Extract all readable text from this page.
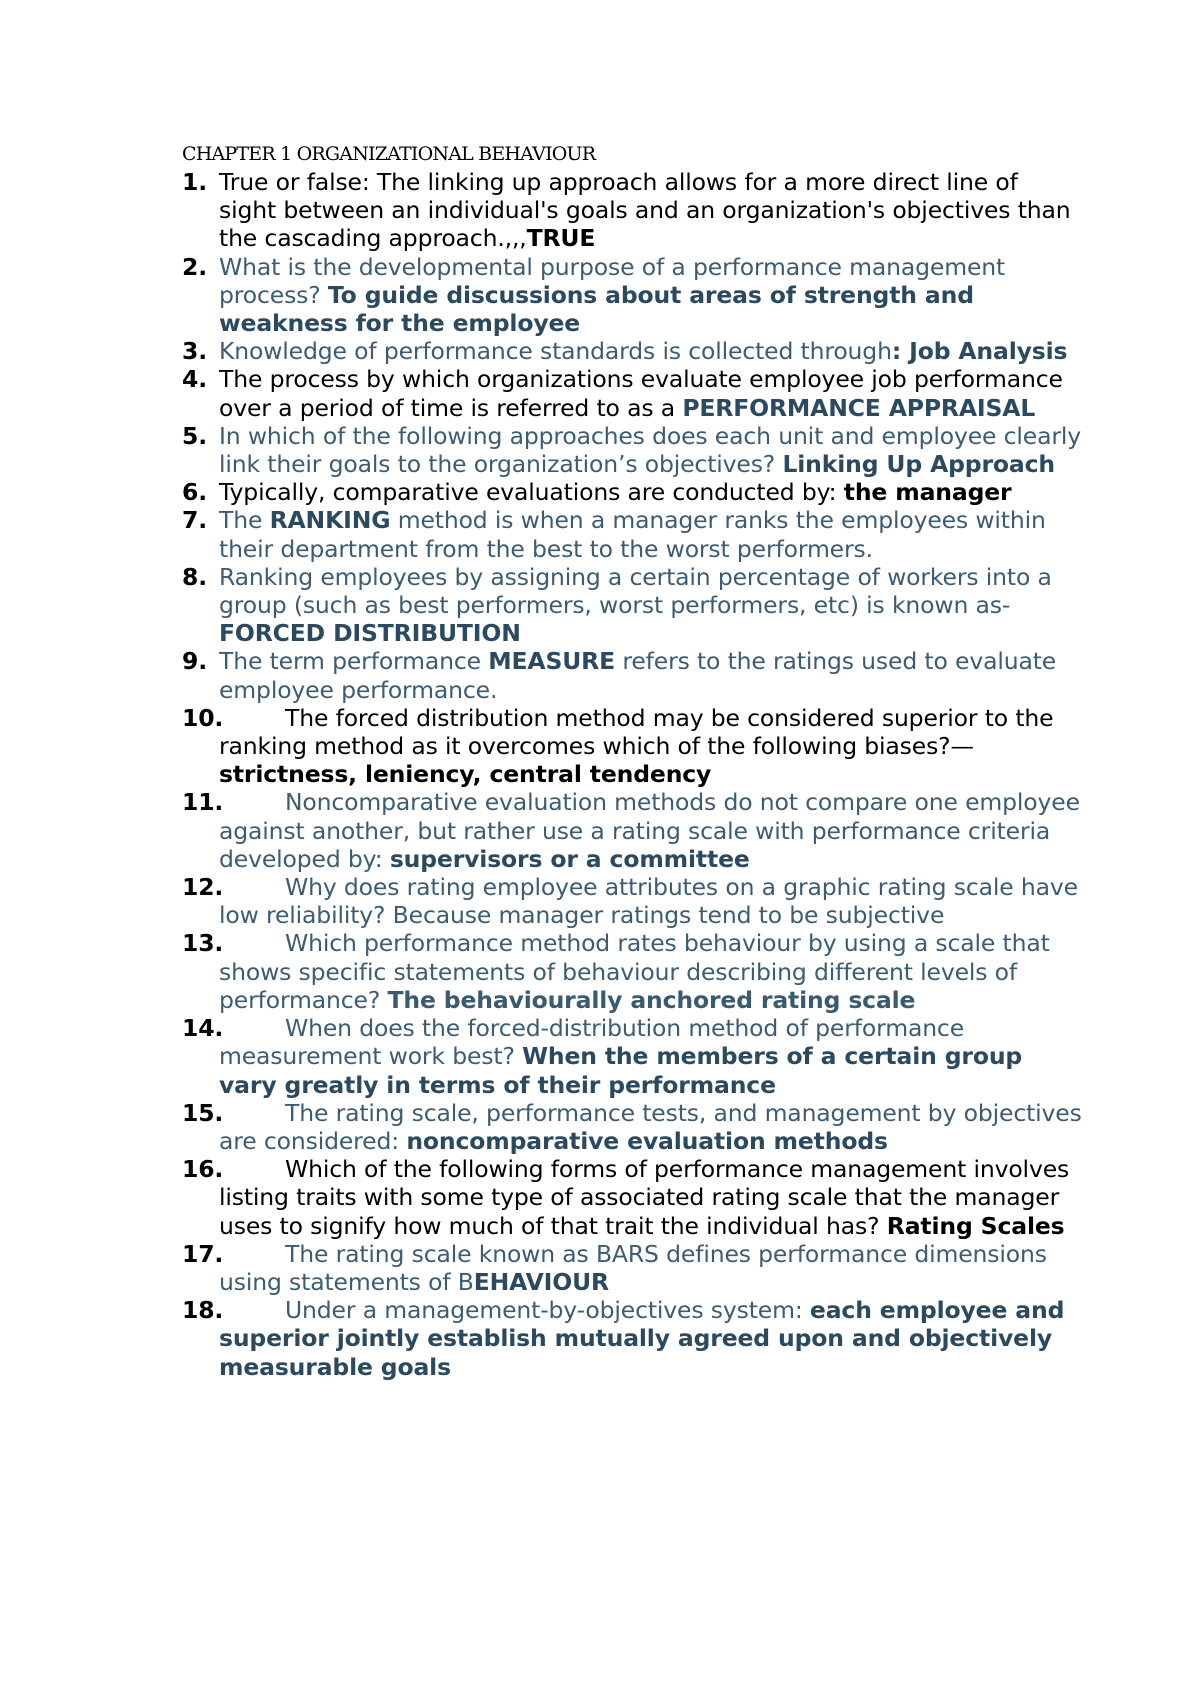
CHAPTER 1 ORGANIZATIONAL BEHAVIOUR
1. True or false: The linking up approach allows for a more direct line of sight between an individual's goals and an organization's objectives than the cascading approach.,,,TRUE
2. What is the developmental purpose of a performance management process? To guide discussions about areas of strength and weakness for the employee
3. Knowledge of performance standards is collected through: Job Analysis
4. The process by which organizations evaluate employee job performance over a period of time is referred to as a PERFORMANCE APPRAISAL
5. In which of the following approaches does each unit and employee clearly link their goals to the organization’s objectives? Linking Up Approach
6. Typically, comparative evaluations are conducted by: the manager
7. The RANKING method is when a manager ranks the employees within their department from the best to the worst performers.
8. Ranking employees by assigning a certain percentage of workers into a group (such as best performers, worst performers, etc) is known as-FORCED DISTRIBUTION
9. The term performance MEASURE refers to the ratings used to evaluate employee performance.
10.	The forced distribution method may be considered superior to the ranking method as it overcomes which of the following biases?—strictness, leniency, central tendency
11.	Noncomparative evaluation methods do not compare one employee against another, but rather use a rating scale with performance criteria developed by: supervisors or a committee
12.	Why does rating employee attributes on a graphic rating scale have low reliability? Because manager ratings tend to be subjective
13.	Which performance method rates behaviour by using a scale that shows specific statements of behaviour describing different levels of performance? The behaviourally anchored rating scale
14.	When does the forced-distribution method of performance measurement work best? When the members of a certain group vary greatly in terms of their performance
15.	The rating scale, performance tests, and management by objectives are considered: noncomparative evaluation methods
16.	Which of the following forms of performance management involves listing traits with some type of associated rating scale that the manager uses to signify how much of that trait the individual has? Rating Scales
17.	The rating scale known as BARS defines performance dimensions using statements of BEHAVIOUR
18.	Under a management-by-objectives system: each employee and superior jointly establish mutually agreed upon and objectively measurable goals
